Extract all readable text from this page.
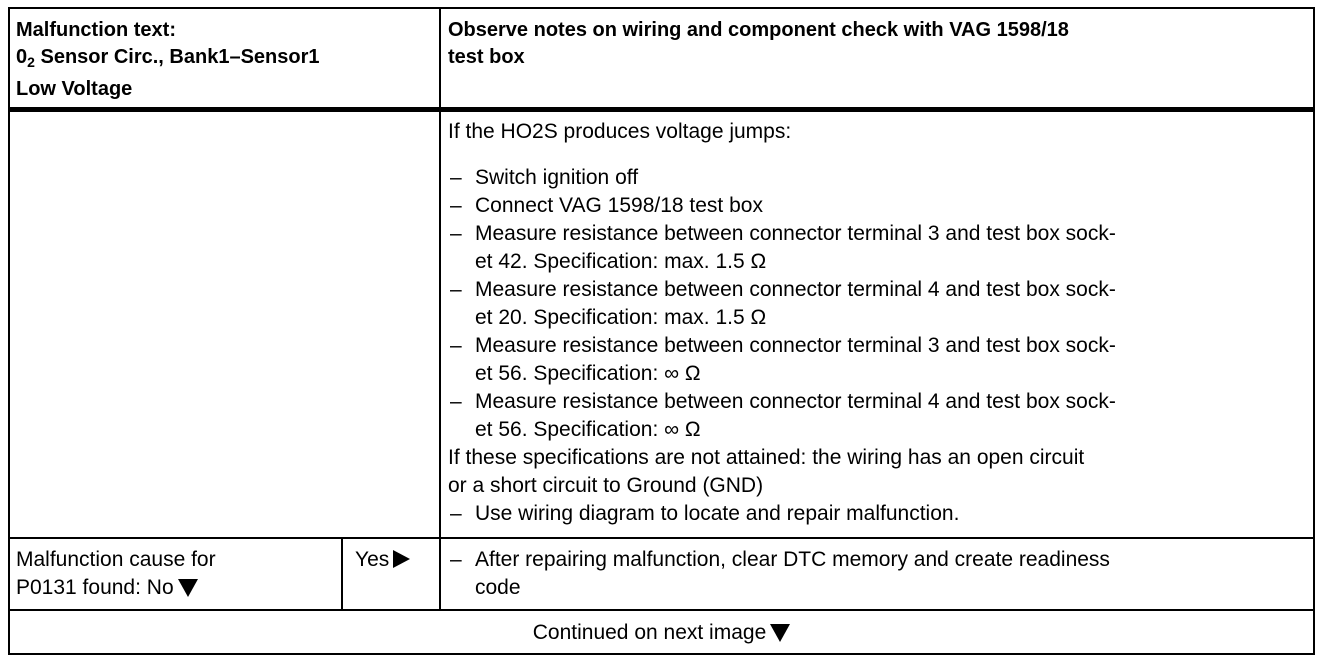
Malfunction text:
$0_2$ Sensor Circ., Bank1–Sensor1
Low Voltage
Observe notes on wiring and component check with VAG 1598/18
test box
If the HO2S produces voltage jumps:
– Switch ignition off
– Connect VAG 1598/18 test box
– Measure resistance between connector terminal 3 and test box sock-
et 42. Specification: max. 1.5 Ω
– Measure resistance between connector terminal 4 and test box sock-
et 20. Specification: max. 1.5 Ω
– Measure resistance between connector terminal 3 and test box sock-
et 56. Specification: ∞ Ω
– Measure resistance between connector terminal 4 and test box sock-
et 56. Specification: ∞ Ω
If these specifications are not attained: the wiring has an open circuit
or a short circuit to Ground (GND)
– Use wiring diagram to locate and repair malfunction.
Malfunction cause for
P0131 found: No
Yes
–	After repairing malfunction, clear DTC memory and create readiness
code
Continued on next image
